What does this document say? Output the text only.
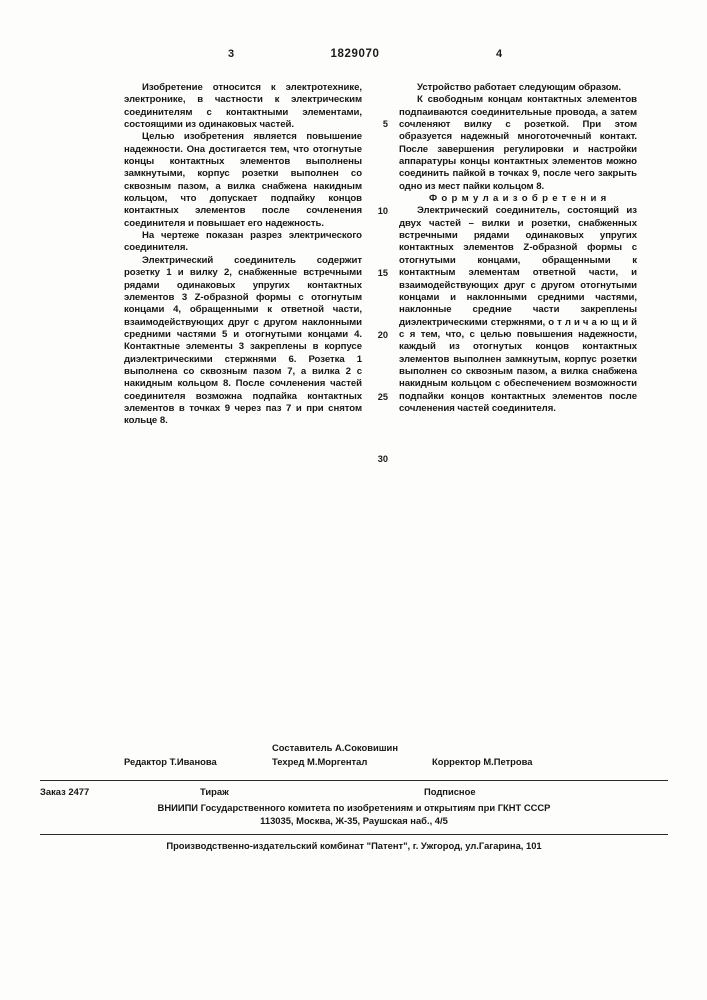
3	1829070	4

Изобретение относится к электротехнике, электронике, в частности к электрическим соединителям с контактными элементами, состоящими из одинаковых частей.

Целью изобретения является повышение надежности. Она достигается тем, что отогнутые концы контактных элементов выполнены замкнутыми, корпус розетки выполнен со сквозным пазом, а вилка снабжена накидным кольцом, что допускает подпайку концов контактных элементов после сочленения соединителя и повышает его надежность.

На чертеже показан разрез электрического соединителя.

Электрический соединитель содержит розетку 1 и вилку 2, снабженные встречными рядами одинаковых упругих контактных элементов 3 Z-образной формы с отогнутым концами 4, обращенными к ответной части, взаимодействующих друг с другом наклонными средними частями 5 и отогнутыми концами 4. Контактные элементы 3 закреплены в корпусе диэлектрическими стержнями 6. Розетка 1 выполнена со сквозным пазом 7, а вилка 2 с накидным кольцом 8. После сочленения частей соединителя возможна подпайка контактных элементов в точках 9 через паз 7 и при снятом кольце 8.

5
10
15
20
25
30

Устройство работает следующим образом.

К свободным концам контактных элементов подпаиваются соединительные провода, а затем сочленяют вилку с розеткой. При этом образуется надежный многоточечный контакт. После завершения регулировки и настройки аппаратуры концы контактных элементов можно соединить пайкой в точках 9, после чего закрыть одно из мест пайки кольцом 8.

Ф о р м у л а и з о б р е т е н и я

Электрический соединитель, состоящий из двух частей – вилки и розетки, снабженных встречными рядами одинаковых упругих контактных элементов Z-образной формы с отогнутыми концами, обращенными к контактным элементам ответной части, и взаимодействующих друг с другом отогнутыми концами и наклонными средними частями, наклонные средние части закреплены диэлектрическими стержнями, о т л и ч а ю щ и й с я тем, что, с целью повышения надежности, каждый из отогнутых концов контактных элементов выполнен замкнутым, корпус розетки выполнен со сквозным пазом, а вилка снабжена накидным кольцом с обеспечением возможности подпайки концов контактных элементов после сочленения частей соединителя.

Составитель А.Соковишин
Редактор Т.Иванова	Техред М.Моргентал	Корректор М.Петрова
Заказ 2477	Тираж	Подписное
ВНИИПИ Государственного комитета по изобретениям и открытиям при ГКНТ СССР
113035, Москва, Ж-35, Раушская наб., 4/5
Производственно-издательский комбинат "Патент", г. Ужгород, ул.Гагарина, 101
